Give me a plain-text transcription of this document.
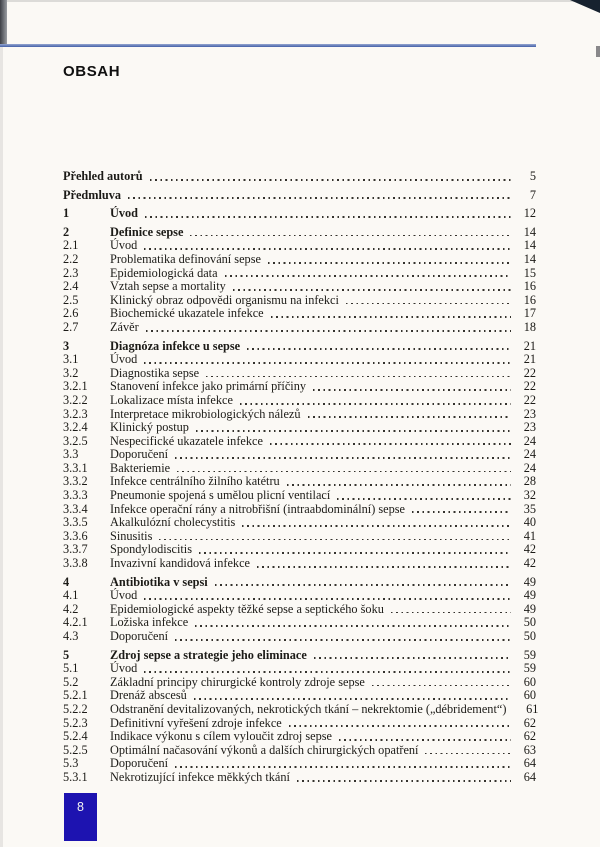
OBSAH
Přehled autorů	5
Předmluva	7
1	Úvod	12
2	Definice sepse	14
2.1	Úvod	14
2.2	Problematika definování sepse	14
2.3	Epidemiologická data	15
2.4	Vztah sepse a mortality	16
2.5	Klinický obraz odpovědi organismu na infekci	16
2.6	Biochemické ukazatele infekce	17
2.7	Závěr	18
3	Diagnóza infekce u sepse	21
3.1	Úvod	21
3.2	Diagnostika sepse	22
3.2.1	Stanovení infekce jako primární příčiny	22
3.2.2	Lokalizace místa infekce	22
3.2.3	Interpretace mikrobiologických nálezů	23
3.2.4	Klinický postup	23
3.2.5	Nespecifické ukazatele infekce	24
3.3	Doporučení	24
3.3.1	Bakteriemie	24
3.3.2	Infekce centrálního žilního katétru	28
3.3.3	Pneumonie spojená s umělou plicní ventilací	32
3.3.4	Infekce operační rány a nitrobřišní (intraabdominální) sepse	35
3.3.5	Akalkulózní cholecystitis	40
3.3.6	Sinusitis	41
3.3.7	Spondylodiscitis	42
3.3.8	Invazivní kandidová infekce	42
4	Antibiotika v sepsi	49
4.1	Úvod	49
4.2	Epidemiologické aspekty těžké sepse a septického šoku	49
4.2.1	Ložiska infekce	50
4.3	Doporučení	50
5	Zdroj sepse a strategie jeho eliminace	59
5.1	Úvod	59
5.2	Základní principy chirurgické kontroly zdroje sepse	60
5.2.1	Drenáž abscesů	60
5.2.2	Odstranění devitalizovaných, nekrotických tkání – nekrektomie („débridement“)	61
5.2.3	Definitivní vyřešení zdroje infekce	62
5.2.4	Indikace výkonu s cílem vyloučit zdroj sepse	62
5.2.5	Optimální načasování výkonů a dalších chirurgických opatření	63
5.3	Doporučení	64
5.3.1	Nekrotizující infekce měkkých tkání	64
8
